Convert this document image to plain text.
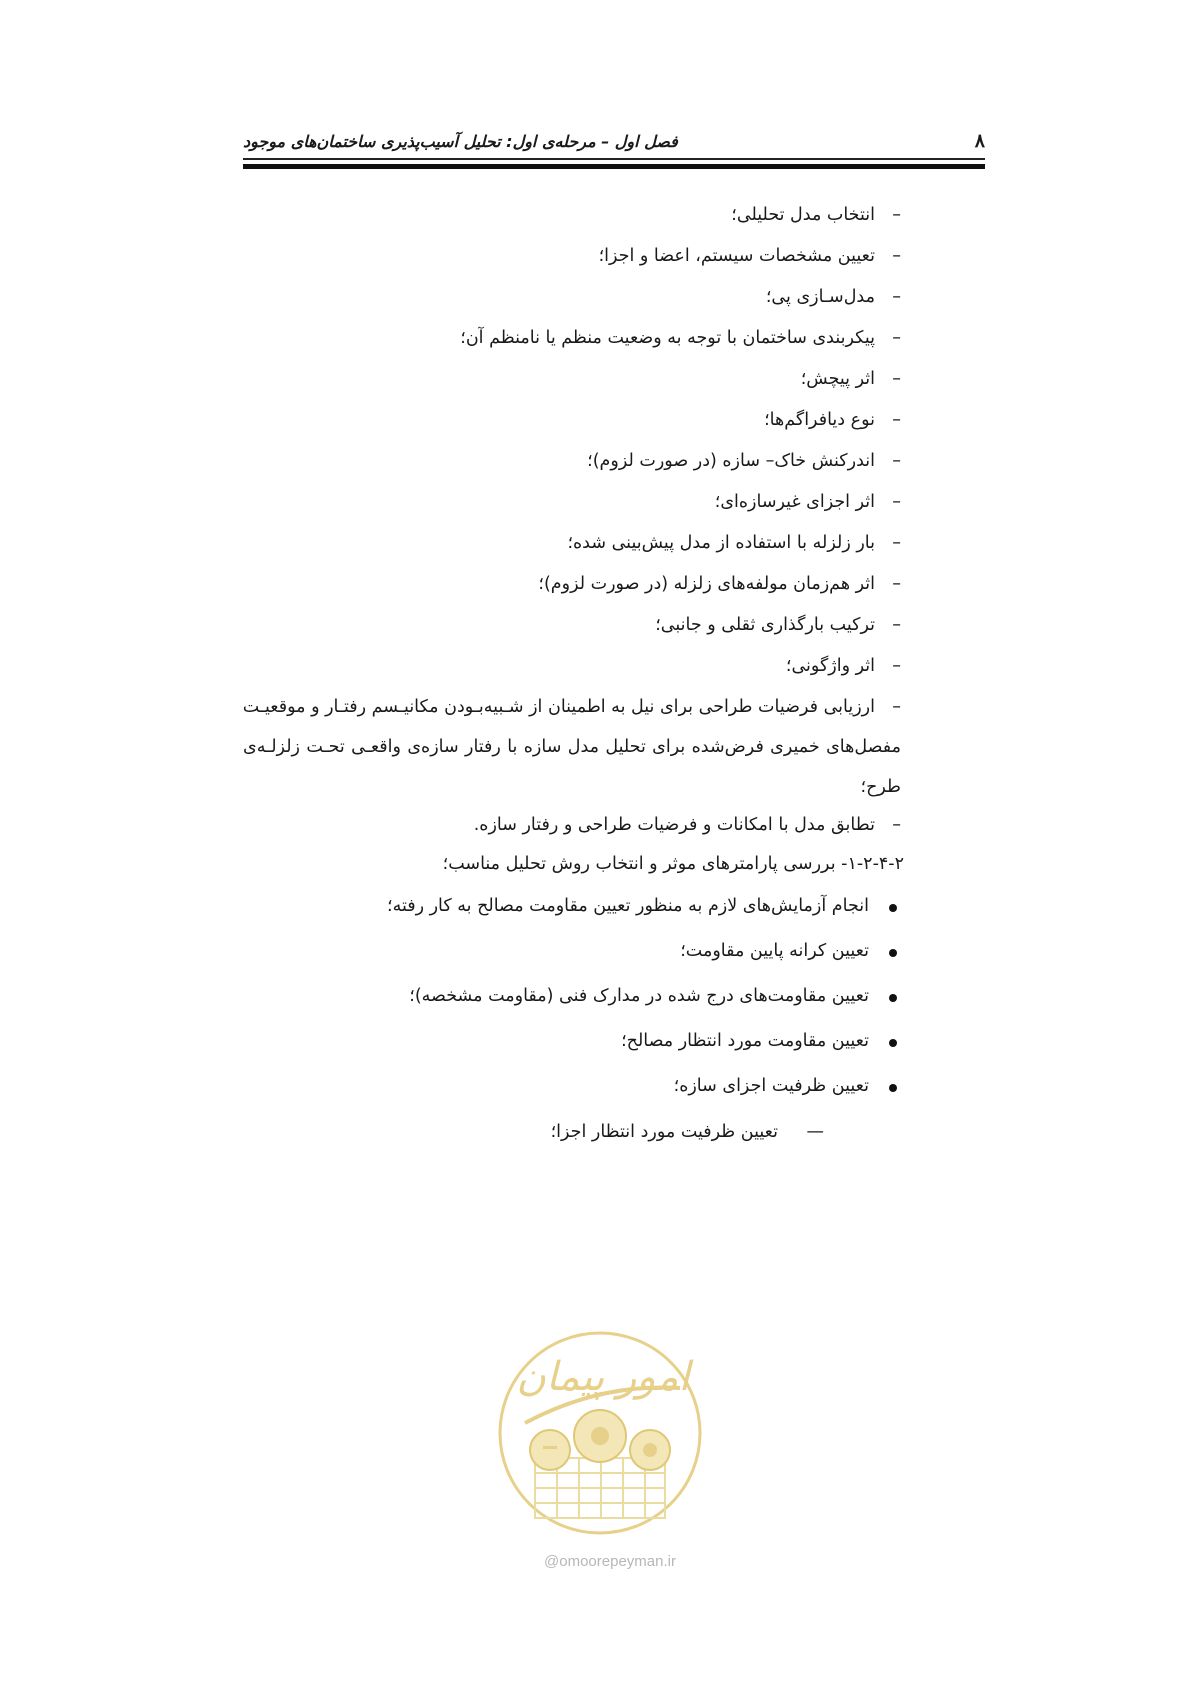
۸
فصل اول – مرحله‌ی اول: تحلیل آسیب‌پذیری ساختمان‌های موجود
–انتخاب مدل تحلیلی؛
–تعیین مشخصات سیستم، اعضا و اجزا؛
–مدل‌سـازی پی؛
–پیکربندی ساختمان با توجه به وضعیت منظم یا نامنظم آن؛
–اثر پیچش؛
–نوع دیافراگم‌ها؛
–اندرکنش خاک– سازه (در صورت لزوم)؛
–اثر اجزای غیرسازه‌ای؛
–بار زلزله با استفاده از مدل پیش‌بینی شده؛
–اثر هم‌زمان مولفه‌های زلزله (در صورت لزوم)؛
–ترکیب بارگذاری ثقلی و جانبی؛
–اثر واژگونی؛
–ارزیابی فرضیات طراحی برای نیل به اطمینان از شـبیه‌بـودن مکانیـسم رفتـار و موقعیـت
مفصل‌های خمیری فرض‌شده برای تحلیل مدل سازه با رفتار سازه‌ی واقعـی تحـت زلزلـه‌ی
طرح؛
–تطابق مدل با امکانات و فرضیات طراحی و رفتار سازه.
۱-۲-۴-۲- بررسی پارامترهای موثر و انتخاب روش تحلیل مناسب؛
انجام آزمایش‌های لازم به منظور تعیین مقاومت مصالح به کار رفته؛
تعیین کرانه پایین مقاومت؛
تعیین مقاومت‌های درج شده در مدارک فنی (مقاومت مشخصه)؛
تعیین مقاومت مورد انتظار مصالح؛
تعیین ظرفیت اجزای سازه؛
—تعیین ظرفیت مورد انتظار اجزا؛
امور پیمان
@omoorepeyman.ir
